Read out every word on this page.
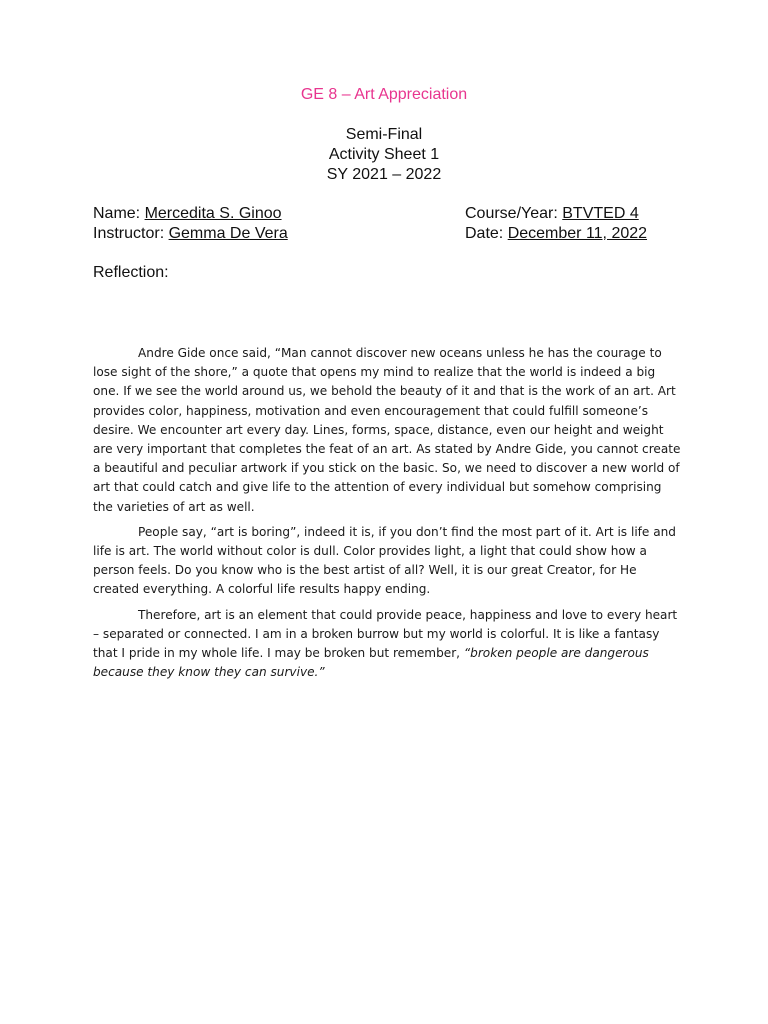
GE 8 – Art Appreciation
Semi-Final
Activity Sheet 1
SY 2021 – 2022
Name: Mercedita S. Ginoo
Instructor: Gemma De Vera
Course/Year: BTVTED 4
Date: December 11, 2022
Reflection:

Andre Gide once said, “Man cannot discover new oceans unless he has the courage to lose sight of the shore,” a quote that opens my mind to realize that the world is indeed a big one. If we see the world around us, we behold the beauty of it and that is the work of an art. Art provides color, happiness, motivation and even encouragement that could fulfill someone’s desire. We encounter art every day. Lines, forms, space, distance, even our height and weight are very important that completes the feat of an art. As stated by Andre Gide, you cannot create a beautiful and peculiar artwork if you stick on the basic. So, we need to discover a new world of art that could catch and give life to the attention of every individual but somehow comprising the varieties of art as well.

People say, “art is boring”, indeed it is, if you don’t find the most part of it. Art is life and life is art. The world without color is dull. Color provides light, a light that could show how a person feels. Do you know who is the best artist of all? Well, it is our great Creator, for He created everything. A colorful life results happy ending.

Therefore, art is an element that could provide peace, happiness and love to every heart – separated or connected. I am in a broken burrow but my world is colorful. It is like a fantasy that I pride in my whole life. I may be broken but remember, “broken people are dangerous because they know they can survive.”
